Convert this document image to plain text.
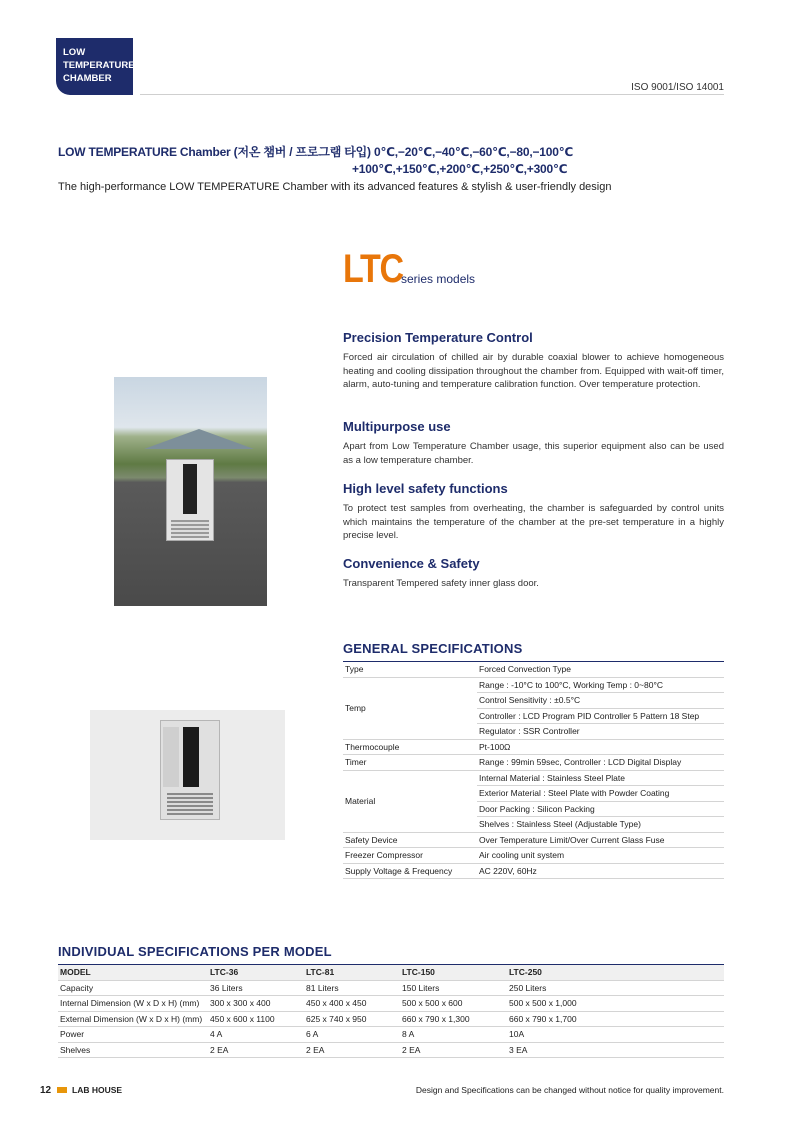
LOW
TEMPERATURE
CHAMBER
ISO 9001/ISO 14001
LOW TEMPERATURE Chamber (저온 챔버 / 프로그램 타입) 0℃,−20℃,−40℃,−60℃,−80,−100℃
+100℃,+150℃,+200℃,+250℃,+300℃
The high-performance LOW TEMPERATURE Chamber with its advanced features & stylish & user-friendly design
LTC
series models
Precision Temperature Control

Forced air circulation of chilled air by durable coaxial blower to achieve homogeneous heating and cooling dissipation throughout the chamber from. Equipped with wait-off timer, alarm, auto-tuning and temperature calibration function. Over temperature protection.

Multipurpose use

Apart from Low Temperature Chamber usage, this superior equipment also can be used as a low temperature chamber.

High level safety functions

To protect test samples from overheating, the chamber is safeguarded by control units which maintains the temperature of the chamber at the pre-set temperature in a highly precise level.

Convenience & Safety

Transparent Tempered safety inner glass door.

GENERAL SPECIFICATIONS
Type	Forced Convection Type
Temp	Range : -10°C to 100°C, Working Temp : 0~80°C
	Control Sensitivity : ±0.5°C
	Controller : LCD Program PID Controller 5 Pattern 18 Step
	Regulator : SSR Controller
Thermocouple	Pt-100Ω
Timer	Range : 99min 59sec, Controller : LCD Digital Display
Material	Internal Material : Stainless Steel Plate
	Exterior Material : Steel Plate with Powder Coating
	Door Packing : Silicon Packing
	Shelves : Stainless Steel (Adjustable Type)
Safety Device	Over Temperature Limit/Over Current Glass Fuse
Freezer Compressor	Air cooling unit system
Supply Voltage & Frequency	AC 220V, 60Hz
INDIVIDUAL SPECIFICATIONS PER MODEL
MODEL	LTC-36	LTC-81	LTC-150	LTC-250
Capacity	36 Liters	81 Liters	150 Liters	250 Liters
Internal Dimension (W x D x H) (mm)	300 x 300 x 400	450 x 400 x 450	500 x 500 x 600	500 x 500 x 1,000
External Dimension (W x D x H) (mm)	450 x 600 x 1100	625 x 740 x 950	660 x 790 x 1,300	660 x 790 x 1,700
Power	4 A	6 A	8 A	10A
Shelves	2 EA	2 EA	2 EA	3 EA
12 LAB HOUSE	Design and Specifications can be changed without notice for quality improvement.
